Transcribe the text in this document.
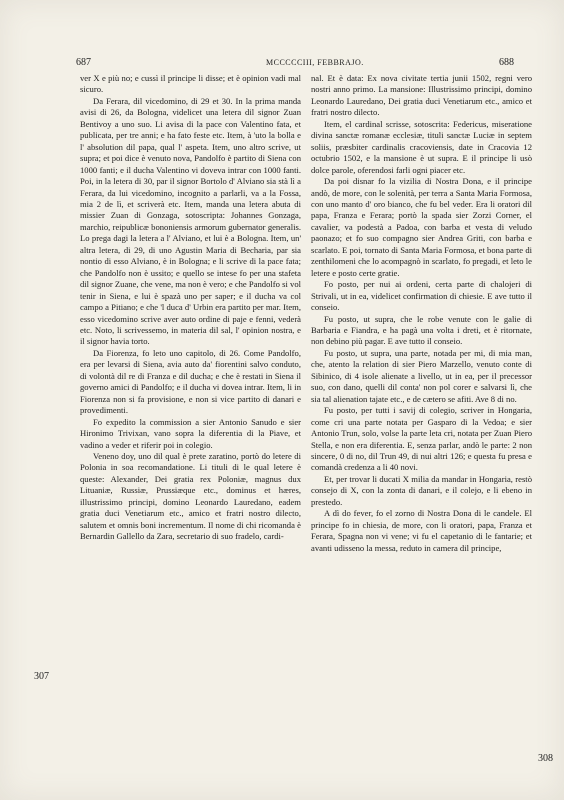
687	MCCCCCIII, FEBBRAJO.	688
307
308

ver X e più no; e cussì il principe li disse; et è opinion vadi mal sicuro.

Da Ferara, dil vicedomino, di 29 et 30. In la prima manda avisi di 26, da Bologna, videlicet una letera dil signor Zuan Bentivoy a uno suo. Li avisa di la pace con Valentino fata, et publicata, per tre anni; e ha fato feste etc. Item, à 'uto la bolla e l' absolution dil papa, qual l' aspeta. Item, uno altro scrive, ut supra; et poi dice è venuto nova, Pandolfo è partito di Siena con 1000 fanti; e il ducha Valentino vi doveva intrar con 1000 fanti. Poi, in la letera di 30, par il signor Bortolo d' Alviano sia stà lì a Ferara, da lui vicedomino, incognito a parlarli, va a la Fossa, mia 2 de lì, et scriverà etc. Item, manda una letera abuta di missier Zuan di Gonzaga, sotoscripta: Johannes Gonzaga, marchio, reipublicæ bononiensis armorum gubernator generalis. Lo prega dagi la letera a l' Alviano, et lui è a Bologna. Item, un' altra letera, di 29, di uno Agustin Maria di Becharia, par sia nontio di esso Alviano, è in Bologna; e li scrive di la pace fata; che Pandolfo non è ussito; e quello se intese fo per una stafeta dil signor Zuane, che vene, ma non è vero; e che Pandolfo si vol tenir in Siena, e lui è spazà uno per saper; e il ducha va col campo a Pitiano; e che 'l duca d' Urbin era partito per mar. Item, esso vicedomino scrive aver auto ordine di paje e fenni, vederà etc. Noto, li scrivessemo, in materia dil sal, l' opinion nostra, e il signor havia torto.

Da Fiorenza, fo leto uno capitolo, di 26. Come Pandolfo, era per levarsi di Siena, avia auto da' fiorentini salvo conduto, di volontà dil re di Franza e dil ducha; e che è restati in Siena il governo amici di Pandolfo; e il ducha vi dovea intrar. Item, li in Fiorenza non si fa provisione, e non si vice partito di danari e provedimenti.

Fo expedito la commission a sier Antonio Sanudo e sier Hironimo Trivixan, vano sopra la diferentia di la Piave, et vadino a veder et riferir poi in colegio.

Veneno doy, uno dil qual è prete zaratino, portò do letere di Polonia in soa recomandatione. Li tituli di le qual letere è queste: Alexander, Dei gratia rex Poloniæ, magnus dux Lituaniæ, Russiæ, Prussiæque etc., dominus et hæres, illustrissimo principi, domino Leonardo Lauredano, eadem gratia duci Venetiarum etc., amico et fratri nostro dilecto, salutem et omnis boni incrementum. Il nome di chi ricomanda è Bernardin Gallello da Zara, secretario di suo fradelo, cardi-

nal. Et è data: Ex nova civitate tertia junii 1502, regni vero nostri anno primo. La mansione: Illustrissimo principi, domino Leonardo Lauredano, Dei gratia duci Venetiarum etc., amico et fratri nostro dilecto.

Item, el cardinal scrisse, sotoscrita: Federicus, miseratione divina sanctæ romanæ ecclesiæ, tituli sanctæ Luciæ in septem soliis, præsbiter cardinalis cracoviensis, date in Cracovia 12 octubrio 1502, e la mansione è ut supra. E il principe li usò dolce parole, oferendosi farli ogni piacer etc.

Da poi disnar fo la vizilia di Nostra Dona, e il principe andò, de more, con le solenità, per terra a Santa Maria Formosa, con uno manto d' oro bianco, che fu bel veder. Era li oratori dil papa, Franza e Ferara; portò la spada sier Zorzi Corner, el cavalier, va podestà a Padoa, con barba et vesta di veludo paonazo; et fo suo compagno sier Andrea Griti, con barba e scarlato. E poi, tornato di Santa Maria Formosa, et bona parte di zenthilomeni che lo acompagnò in scarlato, fo pregadi, et leto le letere e posto certe gratie.

Fo posto, per nui ai ordeni, certa parte di chalojeri di Strivali, ut in ea, videlicet confirmation di chiesie. E ave tutto il conseio.

Fu posto, ut supra, che le robe venute con le galie di Barbaria e Fiandra, e ha pagà una volta i dreti, et è ritornate, non debino più pagar. E ave tutto il conseio.

Fu posto, ut supra, una parte, notada per mi, di mia man, che, atento la relation di sier Piero Marzello, venuto conte di Sibinico, di 4 isole alienate a livello, ut in ea, per il precessor suo, con dano, quelli dil conta' non pol corer e salvarsi lì, che sia tal alienation tajate etc., e de cætero se afiti. Ave 8 di no.

Fu posto, per tutti i savij di colegio, scriver in Hongaria, come cri una parte notata per Gasparo di la Vedoa; e sier Antonio Trun, solo, volse la parte leta cri, notata per Zuan Piero Stella, e non era diferentia. E, senza parlar, andò le parte: 2 non sincere, 0 di no, dil Trun 49, di nui altri 126; e questa fu presa e comandà credenza a li 40 novi.

Et, per trovar li ducati X milia da mandar in Hongaria, restò consejo di X, con la zonta di danari, e il colejo, e li ebeno in prestedo.

A dì do fever, fo el zorno di Nostra Dona di le candele. El principe fo in chiesia, de more, con li oratori, papa, Franza et Ferara, Spagna non vi vene; vi fu el capetanio di le fantarie; et avanti udisseno la messa, reduto in camera dil principe,
